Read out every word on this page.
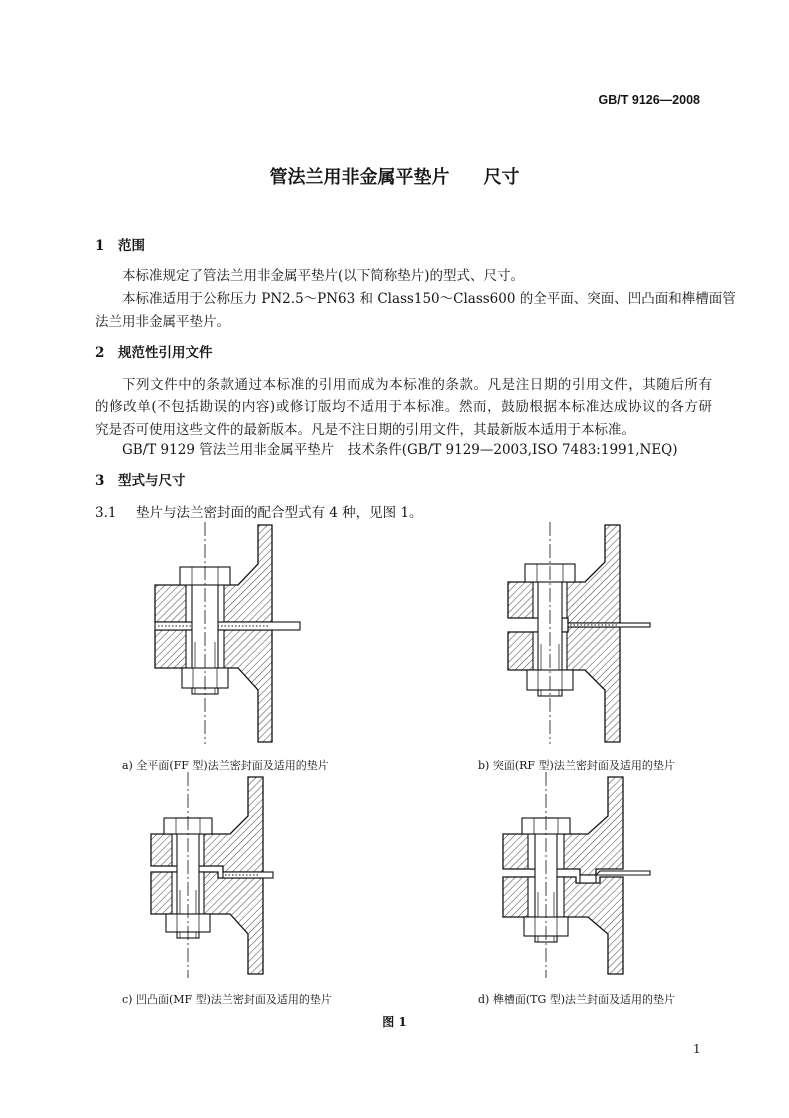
GB/T 9126—2008
管法兰用非金属平垫片 尺寸
1 范围
本标准规定了管法兰用非金属平垫片(以下简称垫片)的型式、尺寸。
本标准适用于公称压力 PN2.5～PN63 和 Class150～Class600 的全平面、突面、凹凸面和榫槽面管
法兰用非金属平垫片。
2 规范性引用文件
下列文件中的条款通过本标准的引用而成为本标准的条款。凡是注日期的引用文件，其随后所有
的修改单(不包括勘误的内容)或修订版均不适用于本标准。然而，鼓励根据本标准达成协议的各方研
究是否可使用这些文件的最新版本。凡是不注日期的引用文件，其最新版本适用于本标准。
GB/T 9129 管法兰用非金属平垫片　技术条件(GB/T 9129—2003,ISO 7483:1991,NEQ)
3 型式与尺寸
3.1 垫片与法兰密封面的配合型式有 4 种，见图 1。
a) 全平面(FF 型)法兰密封面及适用的垫片	b) 突面(RF 型)法兰密封面及适用的垫片
c) 凹凸面(MF 型)法兰密封面及适用的垫片	d) 榫槽面(TG 型)法兰封面及适用的垫片
图 1
1
